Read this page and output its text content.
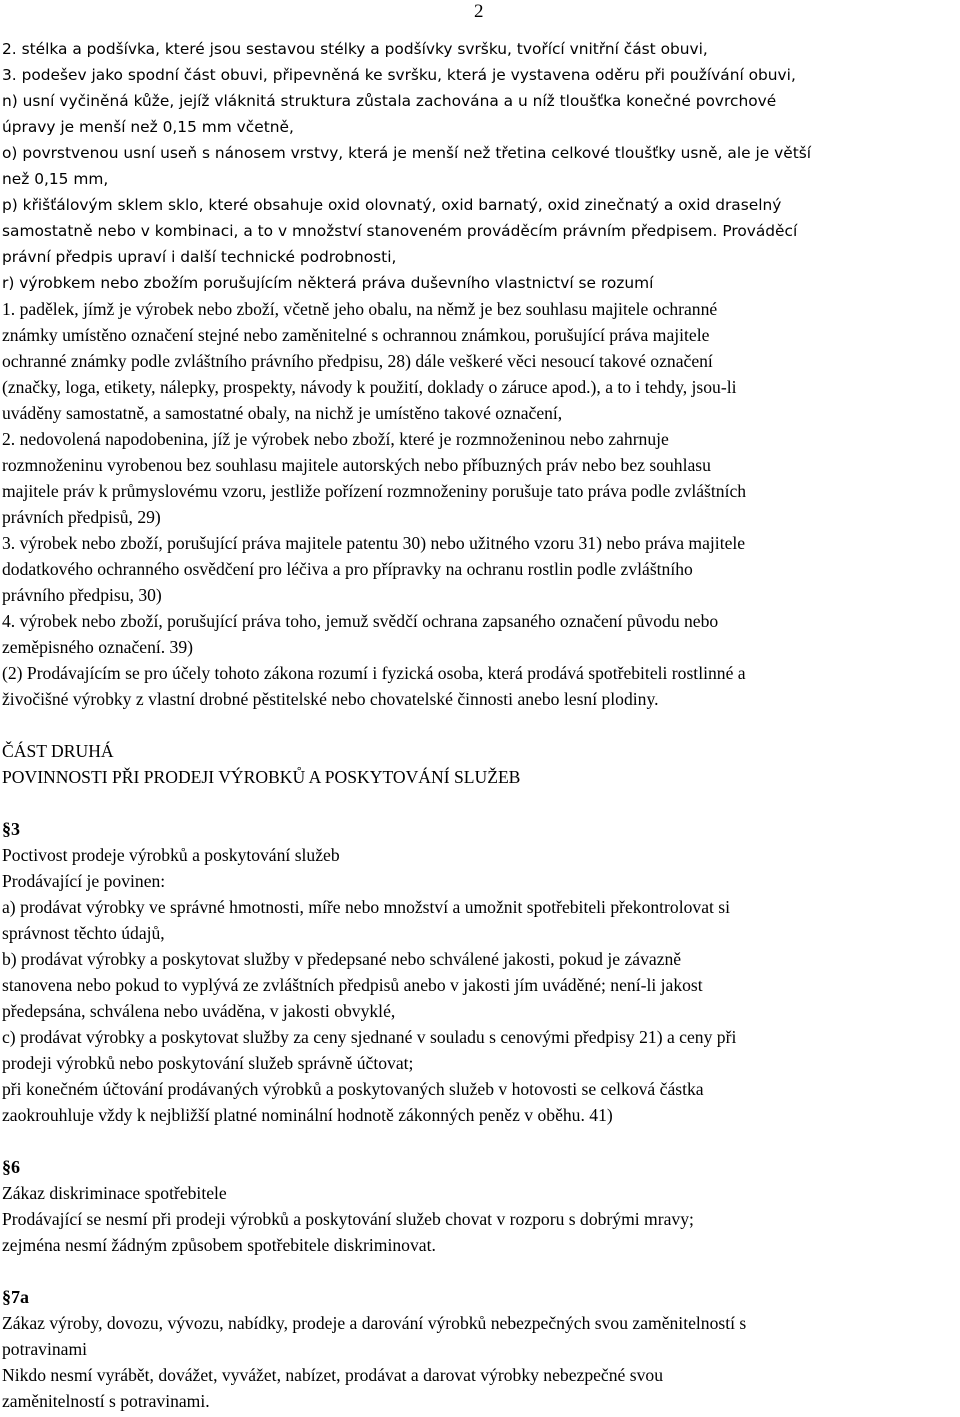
2
2. stélka a podšívka, které jsou sestavou stélky a podšívky svršku, tvořící vnitřní část obuvi,
3. podešev jako spodní část obuvi, připevněná ke svršku, která je vystavena oděru při používání obuvi,
n) usní vyčiněná kůže, jejíž vláknitá struktura zůstala zachována a u níž tloušťka konečné povrchové
úpravy je menší než 0,15 mm včetně,
o) povrstvenou usní useň s nánosem vrstvy, která je menší než třetina celkové tloušťky usně, ale je větší
než 0,15 mm,
p) křišťálovým sklem sklo, které obsahuje oxid olovnatý, oxid barnatý, oxid zinečnatý a oxid draselný
samostatně nebo v kombinaci, a to v množství stanoveném prováděcím právním předpisem. Prováděcí
právní předpis upraví i další technické podrobnosti,
r) výrobkem nebo zbožím porušujícím některá práva duševního vlastnictví se rozumí
1. padělek, jímž je výrobek nebo zboží, včetně jeho obalu, na němž je bez souhlasu majitele ochranné
známky umístěno označení stejné nebo zaměnitelné s ochrannou známkou, porušující práva majitele
ochranné známky podle zvláštního právního předpisu, 28) dále veškeré věci nesoucí takové označení
(značky, loga, etikety, nálepky, prospekty, návody k použití, doklady o záruce apod.), a to i tehdy, jsou-li
uváděny samostatně, a samostatné obaly, na nichž je umístěno takové označení,
2. nedovolená napodobenina, jíž je výrobek nebo zboží, které je rozmnoženinou nebo zahrnuje
rozmnoženinu vyrobenou bez souhlasu majitele autorských nebo příbuzných práv nebo bez souhlasu
majitele práv k průmyslovému vzoru, jestliže pořízení rozmnoženiny porušuje tato práva podle zvláštních
právních předpisů, 29)
3. výrobek nebo zboží, porušující práva majitele patentu 30) nebo užitného vzoru 31) nebo práva majitele
dodatkového ochranného osvědčení pro léčiva a pro přípravky na ochranu rostlin podle zvláštního
právního předpisu, 30)
4. výrobek nebo zboží, porušující práva toho, jemuž svědčí ochrana zapsaného označení původu nebo
zeměpisného označení. 39)
(2) Prodávajícím se pro účely tohoto zákona rozumí i fyzická osoba, která prodává spotřebiteli rostlinné a
živočišné výrobky z vlastní drobné pěstitelské nebo chovatelské činnosti anebo lesní plodiny.
ČÁST DRUHÁ
POVINNOSTI PŘI PRODEJI VÝROBKŮ A POSKYTOVÁNÍ SLUŽEB
§3
Poctivost prodeje výrobků a poskytování služeb
Prodávající je povinen:
a) prodávat výrobky ve správné hmotnosti, míře nebo množství a umožnit spotřebiteli překontrolovat si
správnost těchto údajů,
b) prodávat výrobky a poskytovat služby v předepsané nebo schválené jakosti, pokud je závazně
stanovena nebo pokud to vyplývá ze zvláštních předpisů anebo v jakosti jím uváděné; není-li jakost
předepsána, schválena nebo uváděna, v jakosti obvyklé,
c) prodávat výrobky a poskytovat služby za ceny sjednané v souladu s cenovými předpisy 21) a ceny při
prodeji výrobků nebo poskytování služeb správně účtovat;
při konečném účtování prodávaných výrobků a poskytovaných služeb v hotovosti se celková částka
zaokrouhluje vždy k nejbližší platné nominální hodnotě zákonných peněz v oběhu. 41)
§6
Zákaz diskriminace spotřebitele
Prodávající se nesmí při prodeji výrobků a poskytování služeb chovat v rozporu s dobrými mravy;
zejména nesmí žádným způsobem spotřebitele diskriminovat.
§7a
Zákaz výroby, dovozu, vývozu, nabídky, prodeje a darování výrobků nebezpečných svou zaměnitelností s
potravinami
Nikdo nesmí vyrábět, dovážet, vyvážet, nabízet, prodávat a darovat výrobky nebezpečné svou
zaměnitelností s potravinami.
